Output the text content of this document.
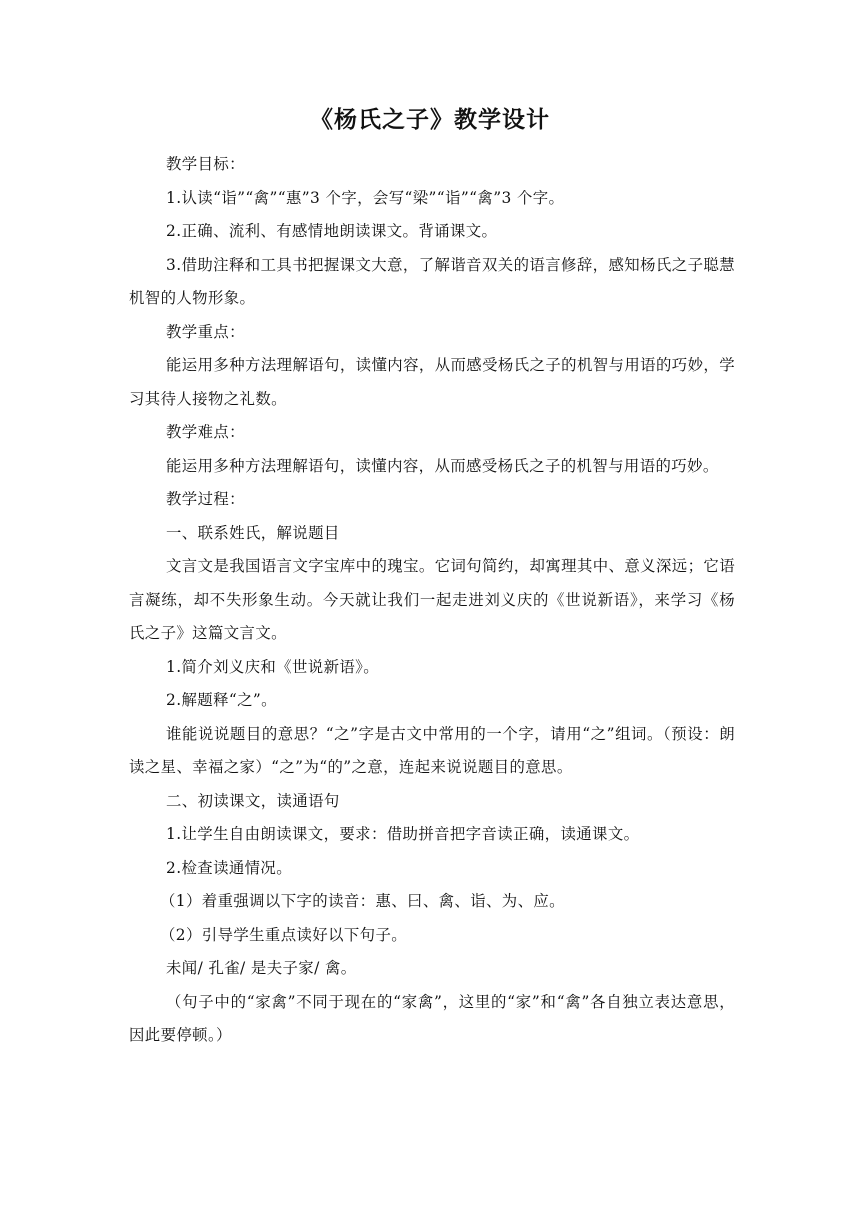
《杨氏之子》教学设计

教学目标：

1.认读“诣”“禽”“惠”3 个字，会写“梁”“诣”“禽”3 个字。

2.正确、流利、有感情地朗读课文。背诵课文。

3.借助注释和工具书把握课文大意，了解谐音双关的语言修辞，感知杨氏之子聪慧机智的人物形象。

教学重点：

能运用多种方法理解语句，读懂内容，从而感受杨氏之子的机智与用语的巧妙，学习其待人接物之礼数。

教学难点：

能运用多种方法理解语句，读懂内容，从而感受杨氏之子的机智与用语的巧妙。

教学过程：

一、联系姓氏，解说题目

文言文是我国语言文字宝库中的瑰宝。它词句简约，却寓理其中、意义深远；它语言凝练，却不失形象生动。今天就让我们一起走进刘义庆的《世说新语》，来学习《杨氏之子》这篇文言文。

1.简介刘义庆和《世说新语》。

2.解题释“之”。

谁能说说题目的意思？“之”字是古文中常用的一个字，请用“之”组词。（预设：朗读之星、幸福之家）“之”为“的”之意，连起来说说题目的意思。

二、初读课文，读通语句

1.让学生自由朗读课文，要求：借助拼音把字音读正确，读通课文。

2.检查读通情况。

（1）着重强调以下字的读音：惠、曰、禽、诣、为、应。

（2）引导学生重点读好以下句子。

未闻/ 孔雀/ 是夫子家/ 禽。

（句子中的“家禽”不同于现在的“家禽”，这里的“家”和“禽”各自独立表达意思，因此要停顿。）
